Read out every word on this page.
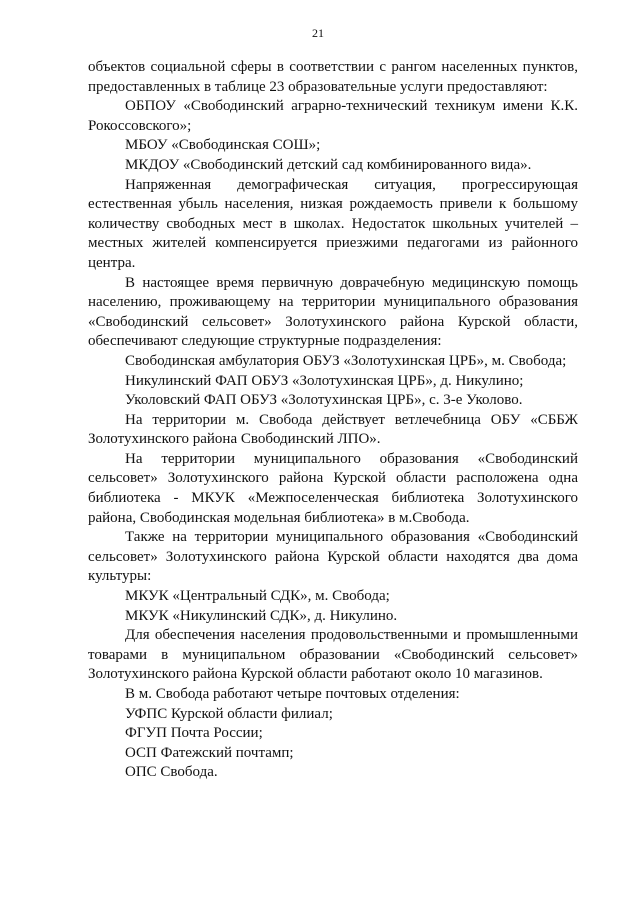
21

объектов социальной сферы в соответствии с рангом населенных пунктов, предоставленных в таблице 23 образовательные услуги предоставляют:

ОБПОУ «Свободинский аграрно-технический техникум имени К.К. Рокоссовского»;

МБОУ «Свободинская СОШ»;

МКДОУ «Свободинский детский сад комбинированного вида».

Напряженная демографическая ситуация, прогрессирующая естественная убыль населения, низкая рождаемость привели к большому количеству свободных мест в школах. Недостаток школьных учителей – местных жителей компенсируется приезжими педагогами из районного центра.

В настоящее время первичную доврачебную медицинскую помощь населению, проживающему на территории муниципального образования «Свободинский сельсовет» Золотухинского района Курской области, обеспечивают следующие структурные подразделения:

Свободинская амбулатория ОБУЗ «Золотухинская ЦРБ», м. Свобода;

Никулинский ФАП ОБУЗ «Золотухинская ЦРБ», д. Никулино;

Уколовский ФАП ОБУЗ «Золотухинская ЦРБ», с. 3-е Уколово.

На территории м. Свобода действует ветлечебница ОБУ «СББЖ Золотухинского района Свободинский ЛПО».

На территории муниципального образования «Свободинский сельсовет» Золотухинского района Курской области расположена одна библиотека - МКУК «Межпоселенческая библиотека Золотухинского района, Свободинская модельная библиотека» в м.Свобода.

Также на территории муниципального образования «Свободинский сельсовет» Золотухинского района Курской области находятся два дома культуры:

МКУК «Центральный СДК», м. Свобода;

МКУК «Никулинский СДК», д. Никулино.

Для обеспечения населения продовольственными и промышленными товарами в муниципальном образовании «Свободинский сельсовет» Золотухинского района Курской области работают около 10 магазинов.

В м. Свобода работают четыре почтовых отделения:

УФПС Курской области филиал;

ФГУП Почта России;

ОСП Фатежский почтамп;

ОПС Свобода.
